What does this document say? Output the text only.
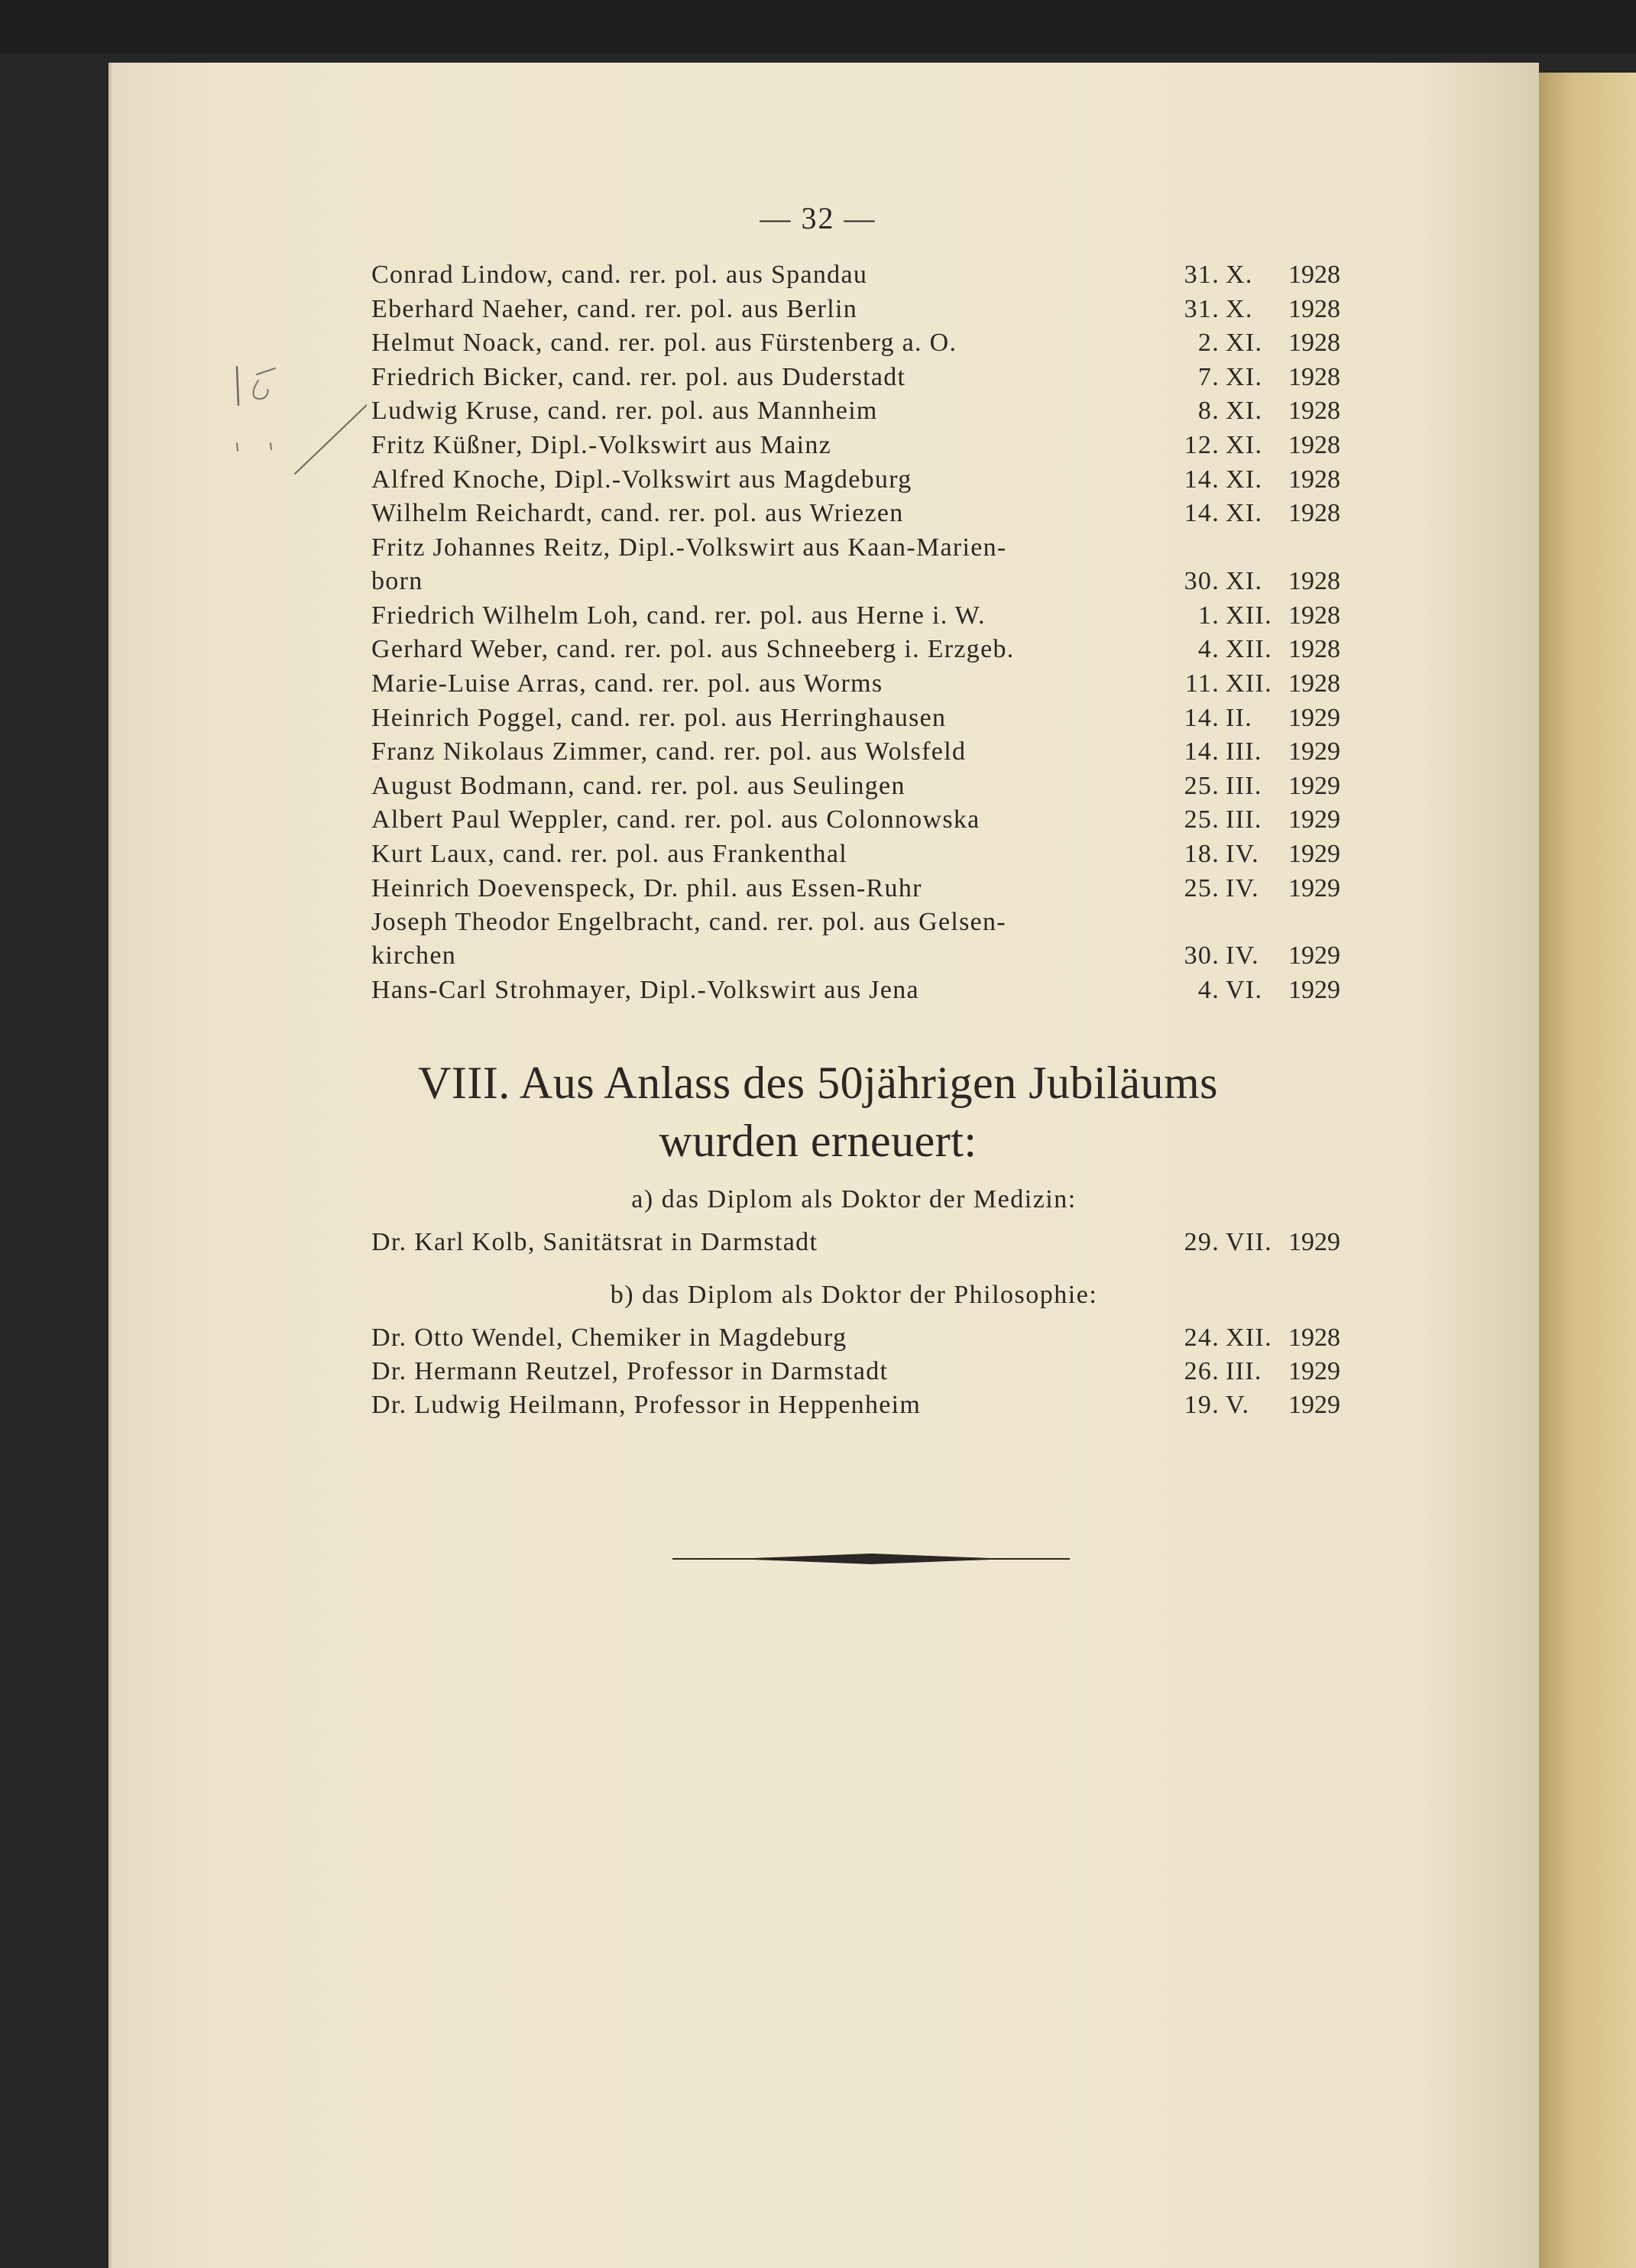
— 32 —
Conrad Lindow, cand. rer. pol. aus Spandau	31. X. 1928
Eberhard Naeher, cand. rer. pol. aus Berlin	31. X. 1928
Helmut Noack, cand. rer. pol. aus Fürstenberg a. O.	2. XI. 1928
Friedrich Bicker, cand. rer. pol. aus Duderstadt	7. XI. 1928
Ludwig Kruse, cand. rer. pol. aus Mannheim	8. XI. 1928
Fritz Küßner, Dipl.-Volkswirt aus Mainz	12. XI. 1928
Alfred Knoche, Dipl.-Volkswirt aus Magdeburg	14. XI. 1928
Wilhelm Reichardt, cand. rer. pol. aus Wriezen	14. XI. 1928
Fritz Johannes Reitz, Dipl.-Volkswirt aus Kaan-Marien-
born	30. XI. 1928
Friedrich Wilhelm Loh, cand. rer. pol. aus Herne i. W.	1. XII. 1928
Gerhard Weber, cand. rer. pol. aus Schneeberg i. Erzgeb.	4. XII. 1928
Marie-Luise Arras, cand. rer. pol. aus Worms	11. XII. 1928
Heinrich Poggel, cand. rer. pol. aus Herringhausen	14. II. 1929
Franz Nikolaus Zimmer, cand. rer. pol. aus Wolsfeld	14. III. 1929
August Bodmann, cand. rer. pol. aus Seulingen	25. III. 1929
Albert Paul Weppler, cand. rer. pol. aus Colonnowska	25. III. 1929
Kurt Laux, cand. rer. pol. aus Frankenthal	18. IV. 1929
Heinrich Doevenspeck, Dr. phil. aus Essen-Ruhr	25. IV. 1929
Joseph Theodor Engelbracht, cand. rer. pol. aus Gelsen-
kirchen	30. IV. 1929
Hans-Carl Strohmayer, Dipl.-Volkswirt aus Jena	4. VI. 1929
VIII. Aus Anlass des 50jährigen Jubiläums
wurden erneuert:
a) das Diplom als Doktor der Medizin:
Dr. Karl Kolb, Sanitätsrat in Darmstadt	29. VII. 1929
b) das Diplom als Doktor der Philosophie:
Dr. Otto Wendel, Chemiker in Magdeburg	24. XII. 1928
Dr. Hermann Reutzel, Professor in Darmstadt	26. III. 1929
Dr. Ludwig Heilmann, Professor in Heppenheim	19. V. 1929
